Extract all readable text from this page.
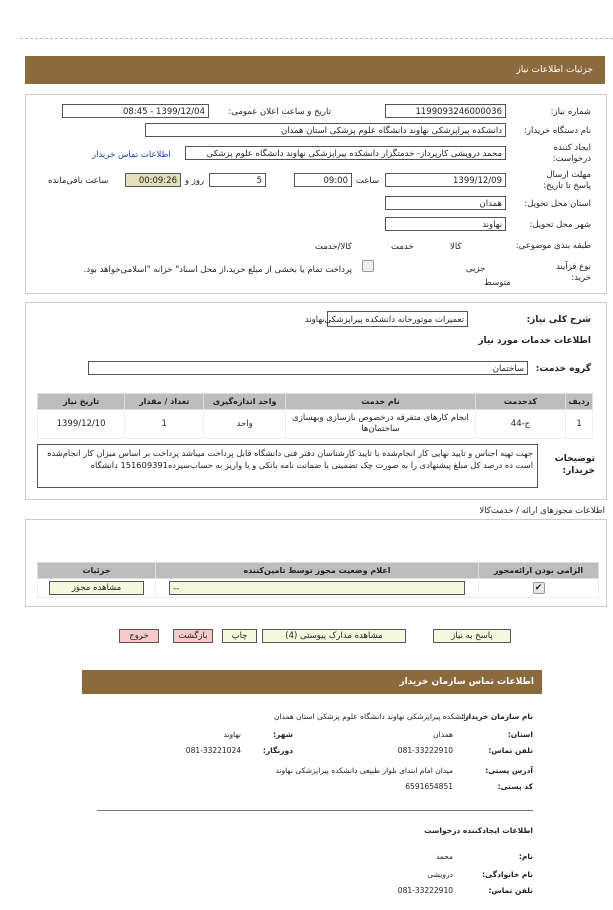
جزئیات اطلاعات نیاز
شماره نیاز:
1199093246000036
تاریخ و ساعت اعلان عمومی:
1399/12/04 - 08:45
نام دستگاه خریدار:
دانشکده پیراپزشکی نهاوند دانشگاه علوم پزشکی استان همدان
ایجاد کننده درخواست:
محمد درویشی کارپرداز- خدمتگزار دانشکده پیراپزشکی نهاوند دانشگاه علوم پزشکی
اطلاعات تماس خریدار
مهلت ارسال پاسخ تا تاریخ:
1399/12/09
ساعت
09:00
5
روز و
00:09:26
ساعت باقی‌مانده
استان محل تحویل:
همدان
شهر محل تحویل:
نهاوند
طبقه بندی موضوعی:

کالا

خدمت

کالا/خدمت
نوع فرآیند خرید:

جزیی
متوسط
پرداخت تمام یا بخشی از مبلغ خرید،از محل اسناد" خزانه "اسلامی‌خواهد بود.
شرح کلی نیاز:
تعمیرات موتورخانه دانشکده پیراپزشکی‌نهاوند
اطلاعات خدمات مورد نیاز
گروه خدمت:
ساختمان
ردیف	کدخدمت	نام خدمت	واحد اندازه‌گیری	تعداد / مقدار	تاریخ نیاز
1	ج-44	انجام کارهای متفرقه درخصوص بازسازی وبهسازی ساختمان‌ها	واحد	1	1399/12/10
توضیحات خریدار:
جهت تهیه اجناس و تایید نهایی کار انجام‌شده با تایید کارشناسان دفتر فنی دانشگاه قابل پرداخت میباشد پرداخت بر اساس میزان کار انجام‌شده است ده درصد کل مبلغ پیشنهادی را به صورت چک تضمینی یا ضمانت نامه بانکی و یا واریز به حساب‌سپرده151609391 دانشگاه
اطلاعات مجوزهای ارائه / خدمت‌کالا
الزامی بودن ارائه‌مجوز	اعلام وضعیت مجوز توسط تامین‌کننده	جزئیات
✔	--	مشاهده مجوز
پاسخ به نیاز
مشاهده مدارک پیوستی (4)
چاپ
بازگشت
خروج
اطلاعات تماس سازمان خریدار
نام سازمان خریدار:
دانشکده پیراپزشکی نهاوند دانشگاه علوم پزشکی استان همدان
استان:
همدان
شهر:
نهاوند
تلفن تماس:
081-33222910
دورنگار:
081-33221024
آدرس پستی:
میدان امام ابتدای بلوار طبیعی دانشکده پیراپزشکی نهاوند
کد پستی:
6591654851
اطلاعات ایجادکننده درخواست
نام:
محمد
نام خانوادگی:
درویشی
تلفن تماس:
081-33222910
